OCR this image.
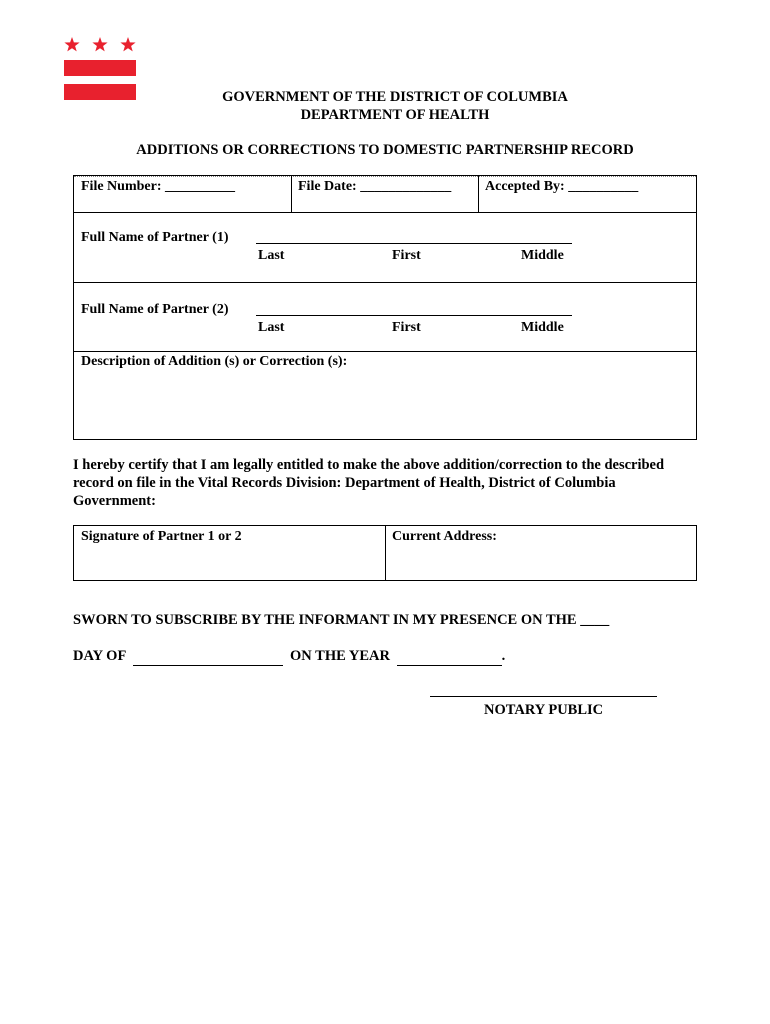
GOVERNMENT OF THE DISTRICT OF COLUMBIA
DEPARTMENT OF HEALTH
ADDITIONS OR CORRECTIONS TO DOMESTIC PARTNERSHIP RECORD
File Number: __________	File Date: _____________ Accepted By: __________
Full Name of Partner (1)
Last	First	Middle
Full Name of Partner (2)
Last	First	Middle
Description of Addition (s) or Correction (s):
I hereby certify that I am legally entitled to make the above addition/correction to the described record on file in the Vital Records Division: Department of Health, District of Columbia Government:
Signature of Partner 1 or 2	Current Address:
SWORN TO SUBSCRIBE BY THE INFORMANT IN MY PRESENCE ON THE ____
DAY OF	ON THE YEAR	.
NOTARY PUBLIC
